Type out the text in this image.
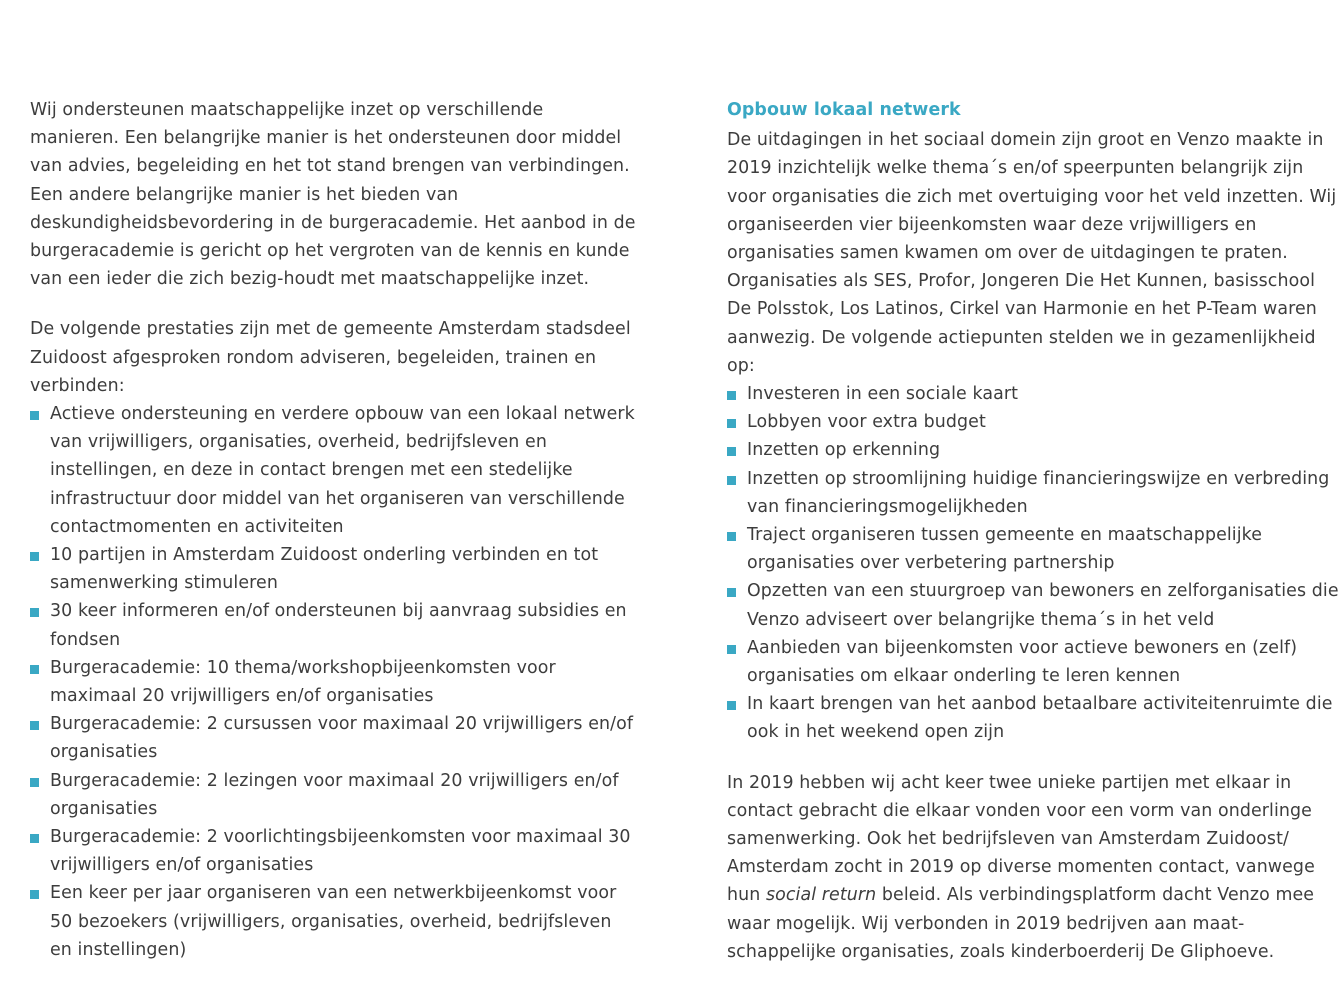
Wij ondersteunen maatschappelijke inzet op verschillende manieren. Een belangrijke manier is het ondersteunen door middel van advies, begeleiding en het tot stand brengen van verbindingen. Een andere belangrijke manier is het bieden van deskundigheidsbevordering in de burgeracademie. Het aanbod in de burgeracademie is gericht op het vergroten van de kennis en kunde van een ieder die zich bezig-houdt met maatschappelijke inzet.

De volgende prestaties zijn met de gemeente Amsterdam stadsdeel Zuidoost afgesproken rondom adviseren, begeleiden, trainen en verbinden:

Actieve ondersteuning en verdere opbouw van een lokaal netwerk van vrijwilligers, organisaties, overheid, bedrijfsleven en instellingen, en deze in contact brengen met een stedelijke infrastructuur door middel van het organiseren van verschillende contactmomenten en activiteiten
10 partijen in Amsterdam Zuidoost onderling verbinden en tot samenwerking stimuleren
30 keer informeren en/of ondersteunen bij aanvraag subsidies en fondsen
Burgeracademie: 10 thema/workshopbijeenkomsten voor maximaal 20 vrijwilligers en/of organisaties
Burgeracademie: 2 cursussen voor maximaal 20 vrijwilligers en/of organisaties
Burgeracademie: 2 lezingen voor maximaal 20 vrijwilligers en/of organisaties
Burgeracademie: 2 voorlichtingsbijeenkomsten voor maximaal 30 vrijwilligers en/of organisaties
Een keer per jaar organiseren van een netwerkbijeenkomst voor 50 bezoekers (vrijwilligers, organisaties, overheid, bedrijfsleven en instellingen)

Opbouw lokaal netwerk

De uitdagingen in het sociaal domein zijn groot en Venzo maakte in 2019 inzichtelijk welke thema´s en/of speerpunten belangrijk zijn voor organisaties die zich met overtuiging voor het veld inzetten. Wij organiseerden vier bijeenkomsten waar deze vrijwilligers en organisaties samen kwamen om over de uitdagingen te praten. Organisaties als SES, Profor, Jongeren Die Het Kunnen, basisschool De Polsstok, Los Latinos, Cirkel van Harmonie en het P-Team waren aanwezig. De volgende actiepunten stelden we in gezamenlijkheid op:

Investeren in een sociale kaart
Lobbyen voor extra budget
Inzetten op erkenning
Inzetten op stroomlijning huidige financieringswijze en verbreding van financieringsmogelijkheden
Traject organiseren tussen gemeente en maatschappelijke organisaties over verbetering partnership
Opzetten van een stuurgroep van bewoners en zelforganisaties die Venzo adviseert over belangrijke thema´s in het veld
Aanbieden van bijeenkomsten voor actieve bewoners en (zelf) organisaties om elkaar onderling te leren kennen
In kaart brengen van het aanbod betaalbare activiteitenruimte die ook in het weekend open zijn

In 2019 hebben wij acht keer twee unieke partijen met elkaar in contact gebracht die elkaar vonden voor een vorm van onderlinge samenwerking. Ook het bedrijfsleven van Amsterdam Zuidoost/ Amsterdam zocht in 2019 op diverse momenten contact, vanwege hun social return beleid. Als verbindingsplatform dacht Venzo mee waar mogelijk. Wij verbonden in 2019 bedrijven aan maat-schappelijke organisaties, zoals kinderboerderij De Gliphoeve.
